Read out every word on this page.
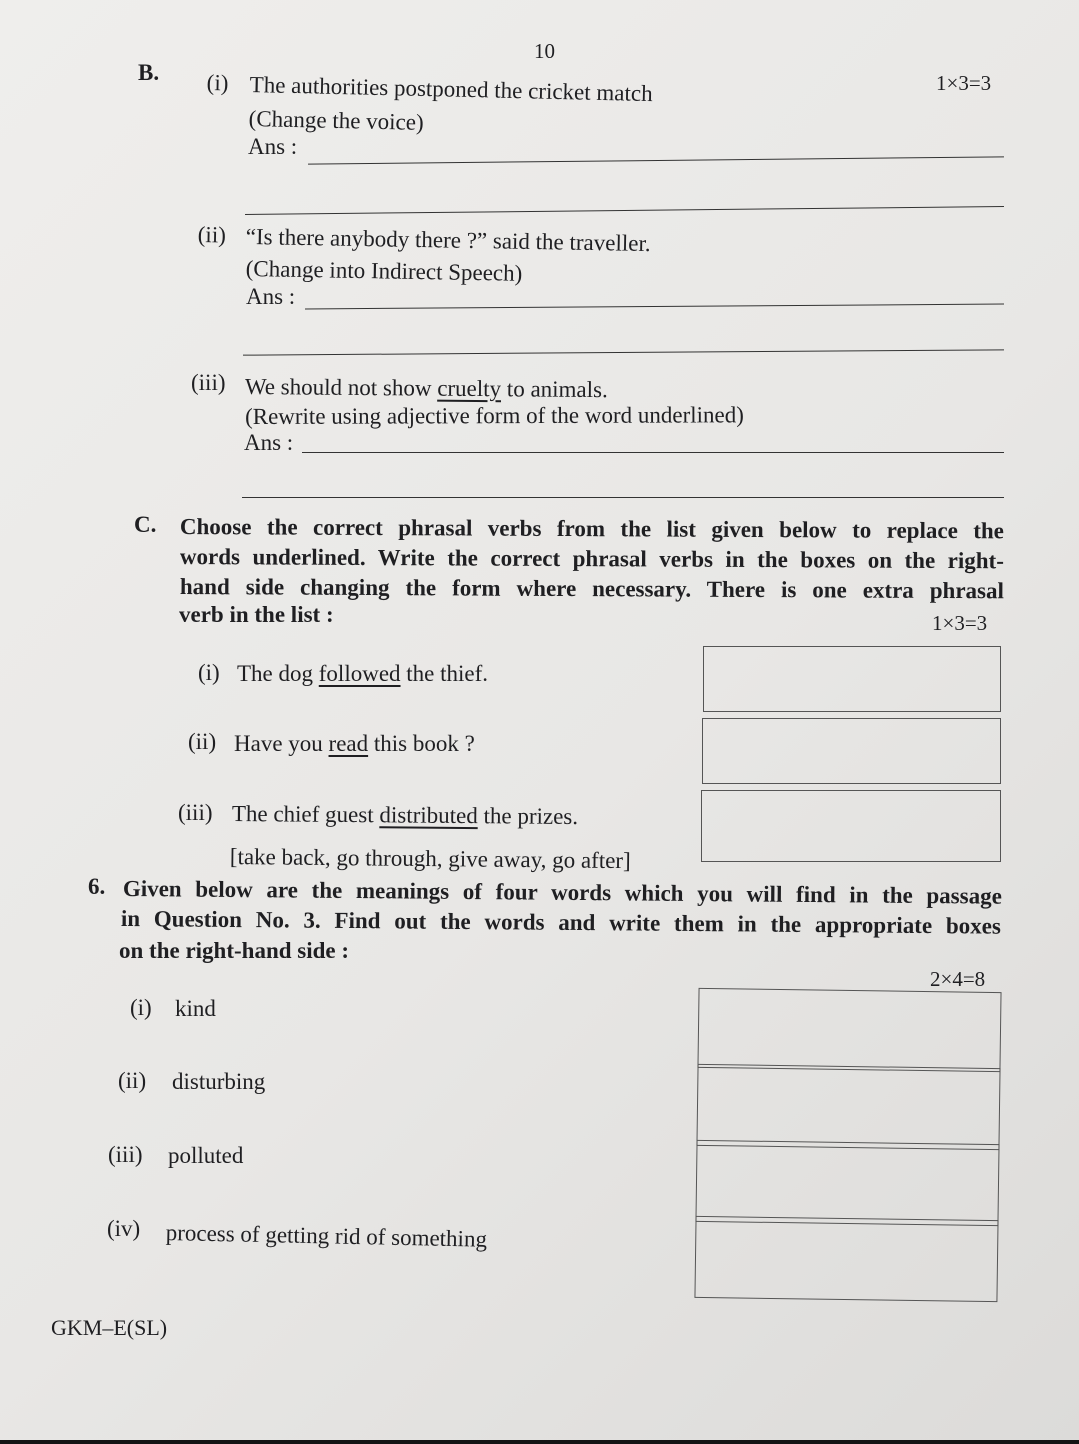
10
B.	1×3=3
(i) The authorities postponed the cricket match
(Change the voice)
Ans :
(ii) “Is there anybody there ?” said the traveller.
(Change into Indirect Speech)
Ans :
(iii) We should not show cruelty to animals.
(Rewrite using adjective form of the word underlined)
Ans :
C. Choose the correct phrasal verbs from the list given below to replace the
words underlined. Write the correct phrasal verbs in the boxes on the right-
hand side changing the form where necessary. There is one extra phrasal
verb in the list :	1×3=3
(i) The dog followed the thief.
(ii) Have you read this book ?
(iii) The chief guest distributed the prizes.
[take back, go through, give away, go after]
6. Given below are the meanings of four words which you will find in the passage
in Question No. 3. Find out the words and write them in the appropriate boxes
on the right-hand side :
2×4=8
(i) kind
(ii) disturbing
(iii) polluted
(iv) process of getting rid of something
GKM–E(SL)
